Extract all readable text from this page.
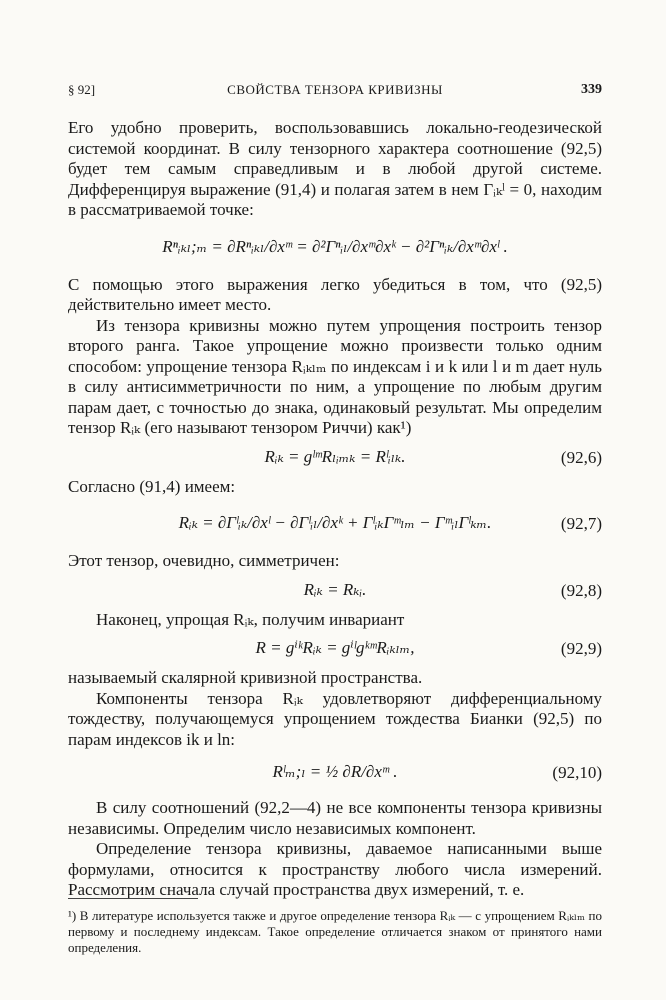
§ 92]	СВОЙСТВА ТЕНЗОРА КРИВИЗНЫ	339

Его удобно проверить, воспользовавшись локально-геодезической системой координат. В силу тензорного характера соотношение (92,5) будет тем самым справедливым и в любой другой системе. Дифференцируя выражение (91,4) и полагая затем в нем Γᵢₖˡ = 0, находим в рассматриваемой точке:

Rⁿᵢₖₗ;ₘ = ∂Rⁿᵢₖₗ/∂xᵐ = ∂²Γⁿᵢₗ/∂xᵐ∂xᵏ − ∂²Γⁿᵢₖ/∂xᵐ∂xˡ .

С помощью этого выражения легко убедиться в том, что (92,5) действительно имеет место.

Из тензора кривизны можно путем упрощения построить тензор второго ранга. Такое упрощение можно произвести только одним способом: упрощение тензора Rᵢₖₗₘ по индексам i и k или l и m дает нуль в силу антисимметричности по ним, а упрощение по любым другим парам дает, с точностью до знака, одинаковый результат. Мы определим тензор Rᵢₖ (его называют тензором Риччи) как¹)

Rᵢₖ = gˡᵐRₗᵢₘₖ = Rˡᵢₗₖ.	(92,6)

Согласно (91,4) имеем:

Rᵢₖ = ∂Γˡᵢₖ/∂xˡ − ∂Γˡᵢₗ/∂xᵏ + ΓˡᵢₖΓᵐₗₘ − ΓᵐᵢₗΓˡₖₘ.	(92,7)

Этот тензор, очевидно, симметричен:

Rᵢₖ = Rₖᵢ.	(92,8)

Наконец, упрощая Rᵢₖ, получим инвариант

R = gⁱᵏRᵢₖ = gⁱˡgᵏᵐRᵢₖₗₘ,	(92,9)

называемый скалярной кривизной пространства.

Компоненты тензора Rᵢₖ удовлетворяют дифференциальному тождеству, получающемуся упрощением тождества Бианки (92,5) по парам индексов ik и ln:

Rˡₘ;ₗ = ½ ∂R/∂xᵐ .	(92,10)

В силу соотношений (92,2—4) не все компоненты тензора кривизны независимы. Определим число независимых компонент.

Определение тензора кривизны, даваемое написанными выше формулами, относится к пространству любого числа измерений. Рассмотрим сначала случай пространства двух измерений, т. е.

¹) В литературе используется также и другое определение тензора Rᵢₖ — с упрощением Rᵢₖₗₘ по первому и последнему индексам. Такое определение отличается знаком от принятого нами определения.
